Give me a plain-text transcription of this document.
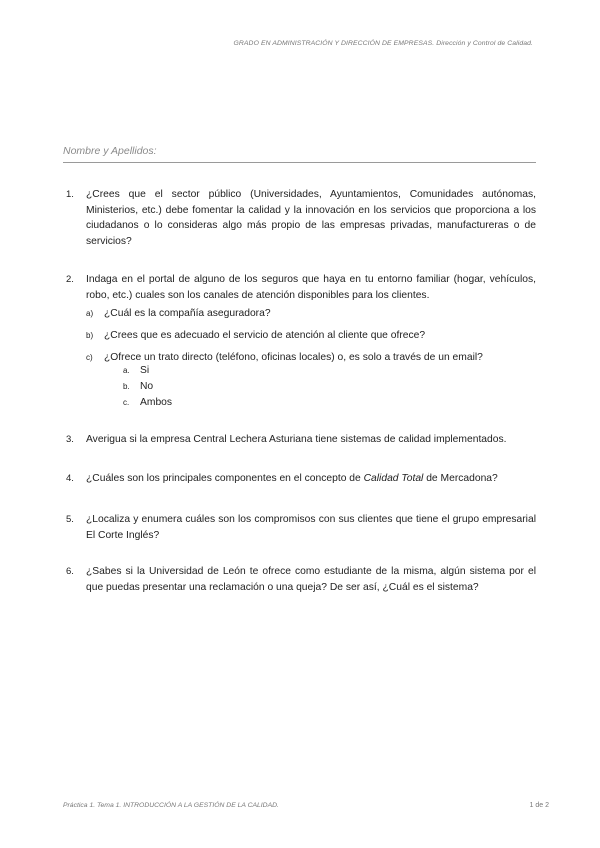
GRADO EN ADMINISTRACIÓN Y DIRECCIÓN DE EMPRESAS. Dirección y Control de Calidad.
Nombre y Apellidos:
1. ¿Crees que el sector público (Universidades, Ayuntamientos, Comunidades autónomas, Ministerios, etc.) debe fomentar la calidad y la innovación en los servicios que proporciona a los ciudadanos o lo consideras algo más propio de las empresas privadas, manufactureras o de servicios?
2. Indaga en el portal de alguno de los seguros que haya en tu entorno familiar (hogar, vehículos, robo, etc.) cuales son los canales de atención disponibles para los clientes.
a) ¿Cuál es la compañía aseguradora?
b) ¿Crees que es adecuado el servicio de atención al cliente que ofrece?
c) ¿Ofrece un trato directo (teléfono, oficinas locales) o, es solo a través de un email?
a. Si
b. No
c. Ambos
3. Averigua si la empresa Central Lechera Asturiana tiene sistemas de calidad implementados.
4. ¿Cuáles son los principales componentes en el concepto de Calidad Total de Mercadona?
5. ¿Localiza y enumera cuáles son los compromisos con sus clientes que tiene el grupo empresarial El Corte Inglés?
6. ¿Sabes si la Universidad de León te ofrece como estudiante de la misma, algún sistema por el que puedas presentar una reclamación o una queja? De ser así, ¿Cuál es el sistema?
Práctica 1. Tema 1. INTRODUCCIÓN A LA GESTIÓN DE LA CALIDAD.	1 de 2
